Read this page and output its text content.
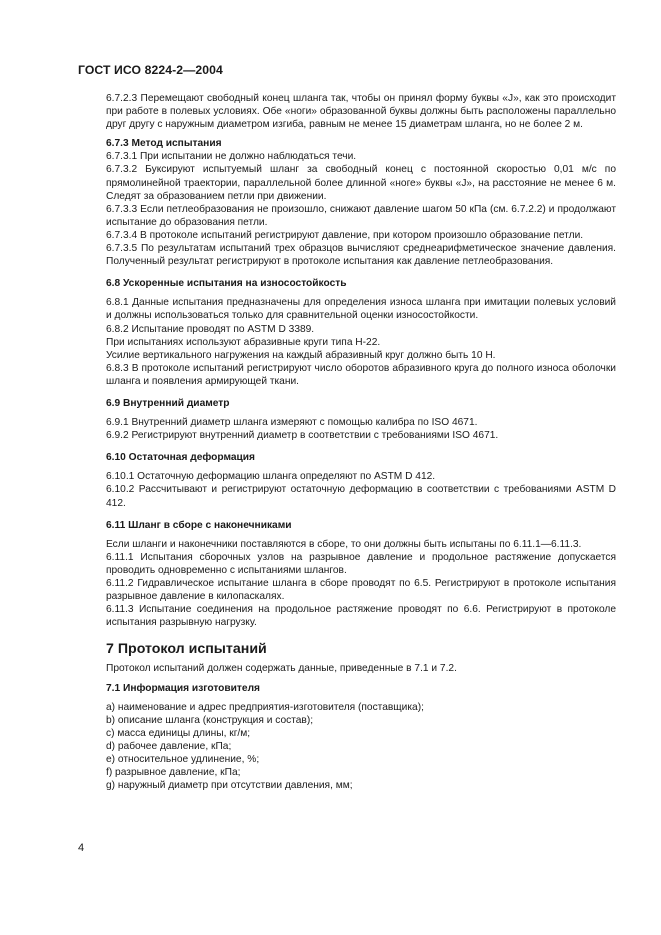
ГОСТ ИСО 8224-2—2004

6.7.2.3 Перемещают свободный конец шланга так, чтобы он принял форму буквы «J», как это происходит при работе в полевых условиях. Обе «ноги» образованной буквы должны быть расположены параллельно друг другу с наружным диаметром изгиба, равным не менее 15 диаметрам шланга, но не более 2 м.

6.7.3 Метод испытания

6.7.3.1 При испытании не должно наблюдаться течи.

6.7.3.2 Буксируют испытуемый шланг за свободный конец с постоянной скоростью 0,01 м/с по прямолинейной траектории, параллельной более длинной «ноге» буквы «J», на расстояние не менее 6 м. Следят за образованием петли при движении.

6.7.3.3 Если петлеобразования не произошло, снижают давление шагом 50 кПа (см. 6.7.2.2) и продолжают испытание до образования петли.

6.7.3.4 В протоколе испытаний регистрируют давление, при котором произошло образование петли.

6.7.3.5 По результатам испытаний трех образцов вычисляют среднеарифметическое значение давления. Полученный результат регистрируют в протоколе испытания как давление петлеобразования.

6.8 Ускоренные испытания на износостойкость

6.8.1 Данные испытания предназначены для определения износа шланга при имитации полевых условий и должны использоваться только для сравнительной оценки износостойкости.

6.8.2 Испытание проводят по ASTM D 3389.

При испытаниях используют абразивные круги типа Н-22.

Усилие вертикального нагружения на каждый абразивный круг должно быть 10 Н.

6.8.3 В протоколе испытаний регистрируют число оборотов абразивного круга до полного износа оболочки шланга и появления армирующей ткани.

6.9 Внутренний диаметр

6.9.1 Внутренний диаметр шланга измеряют с помощью калибра по ISO 4671.

6.9.2 Регистрируют внутренний диаметр в соответствии с требованиями ISO 4671.

6.10 Остаточная деформация

6.10.1 Остаточную деформацию шланга определяют по ASTM D 412.

6.10.2 Рассчитывают и регистрируют остаточную деформацию в соответствии с требованиями ASTM D 412.

6.11 Шланг в сборе с наконечниками

Если шланги и наконечники поставляются в сборе, то они должны быть испытаны по 6.11.1—6.11.3.

6.11.1 Испытания сборочных узлов на разрывное давление и продольное растяжение допускается проводить одновременно с испытаниями шлангов.

6.11.2 Гидравлическое испытание шланга в сборе проводят по 6.5. Регистрируют в протоколе испытания разрывное давление в килопаскалях.

6.11.3 Испытание соединения на продольное растяжение проводят по 6.6. Регистрируют в протоколе испытания разрывную нагрузку.

7 Протокол испытаний

Протокол испытаний должен содержать данные, приведенные в 7.1 и 7.2.

7.1 Информация изготовителя

a) наименование и адрес предприятия-изготовителя (поставщика);

b) описание шланга (конструкция и состав);

c) масса единицы длины, кг/м;

d) рабочее давление, кПа;

e) относительное удлинение, %;

f) разрывное давление, кПа;

g) наружный диаметр при отсутствии давления, мм;

4
